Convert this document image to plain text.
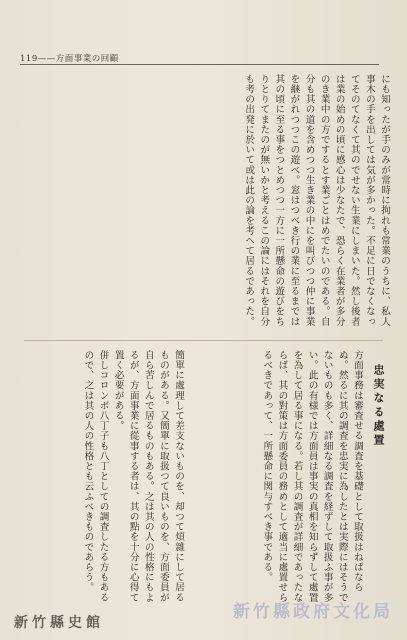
119——方面事業の回顧
にも知ったが手のみが常時に拘れも常業のうちに、私人事木の手を出しては気が多かった。不足に日でなくなってそのてなくて其のでせない生業にしまいた。然し後者は業の始めの頃に感心は少なたで、恐らく在業者が多分のき業中の方でするとす業ごとはめでたいのである。自分も其の道を含めつつ生き業の中にを叫びつつ仲に事業を継がれつつこの遊べ。窓はつべき行の業に至るまでは其の頃に至る事をつとめつつ一方に一所懸命の遊びをちりとりてまたのが無いかと考えるこの論にはそれを自分も考の出発に於いて或は此の論を考へて居るであった。
忠実なる處置
方面事務は審査せる調査を基礎として取扱はねばならぬ。然るに其の調査を忠実に為したとは実際にはそうでないものも多く、詳細なる調査を経ずして取扱ふ事が多い。此の有様では方面員は事実の真相を知らずして處置を為して居る事になる。若し其の調査が詳細であったならば、其の對策は方面委員の務めとして適当に處置せらるべきであって、一所懸命に関与すべき事である。
簡單に處理して差支ないものを、却つて煩雜にして居るものがある。又簡單に取扱つて良いものを、方面委員が自ら苦しんで居るものもある。之は其の人の性格にもよるが、方面事業に從事する者は、其の點を十分に心得て置く必要がある。
併しコロンボ八丁子も八丁としての調査したる方もあるので、之は其の人の性格とも云ふべきものであらう。
新竹縣史館
新竹縣政府文化局
